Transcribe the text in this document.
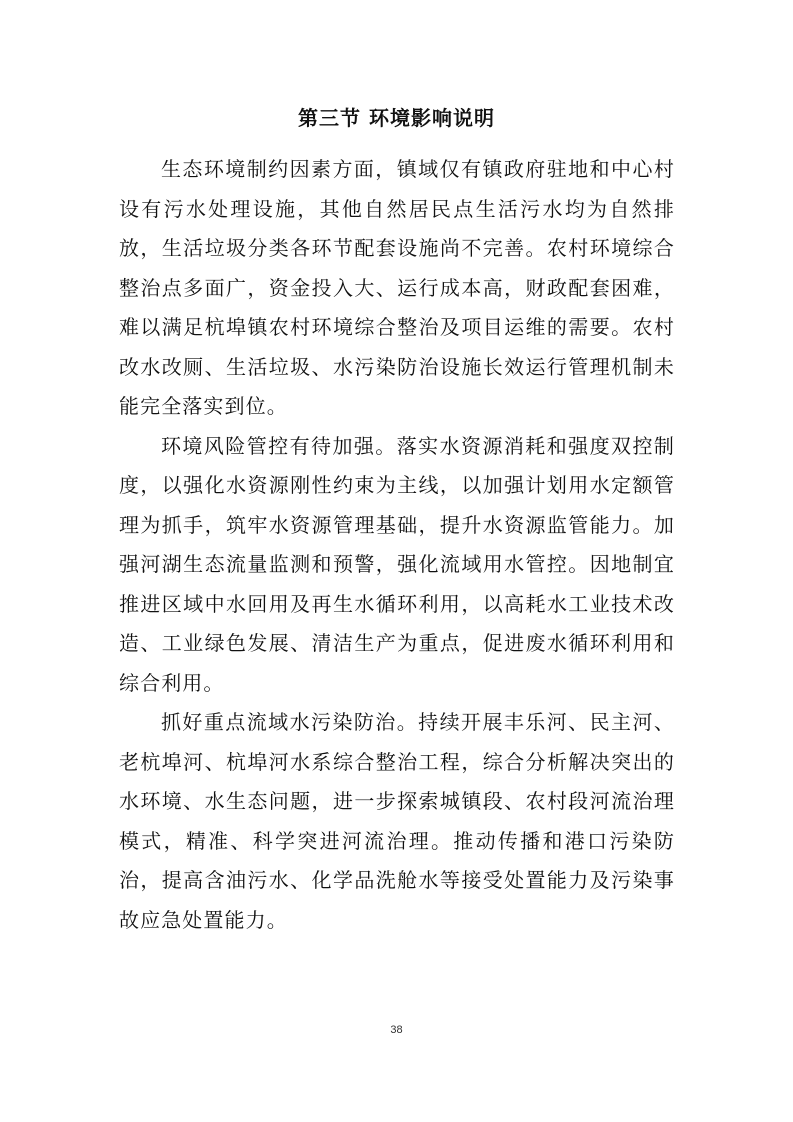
第三节 环境影响说明

生态环境制约因素方面，镇域仅有镇政府驻地和中心村设有污水处理设施，其他自然居民点生活污水均为自然排放，生活垃圾分类各环节配套设施尚不完善。农村环境综合整治点多面广，资金投入大、运行成本高，财政配套困难，难以满足杭埠镇农村环境综合整治及项目运维的需要。农村改水改厕、生活垃圾、水污染防治设施长效运行管理机制未能完全落实到位。

环境风险管控有待加强。落实水资源消耗和强度双控制度，以强化水资源刚性约束为主线，以加强计划用水定额管理为抓手，筑牢水资源管理基础，提升水资源监管能力。加强河湖生态流量监测和预警，强化流域用水管控。因地制宜推进区域中水回用及再生水循环利用，以高耗水工业技术改造、工业绿色发展、清洁生产为重点，促进废水循环利用和综合利用。

抓好重点流域水污染防治。持续开展丰乐河、民主河、老杭埠河、杭埠河水系综合整治工程，综合分析解决突出的水环境、水生态问题，进一步探索城镇段、农村段河流治理模式，精准、科学突进河流治理。推动传播和港口污染防治，提高含油污水、化学品洗舱水等接受处置能力及污染事故应急处置能力。

38
